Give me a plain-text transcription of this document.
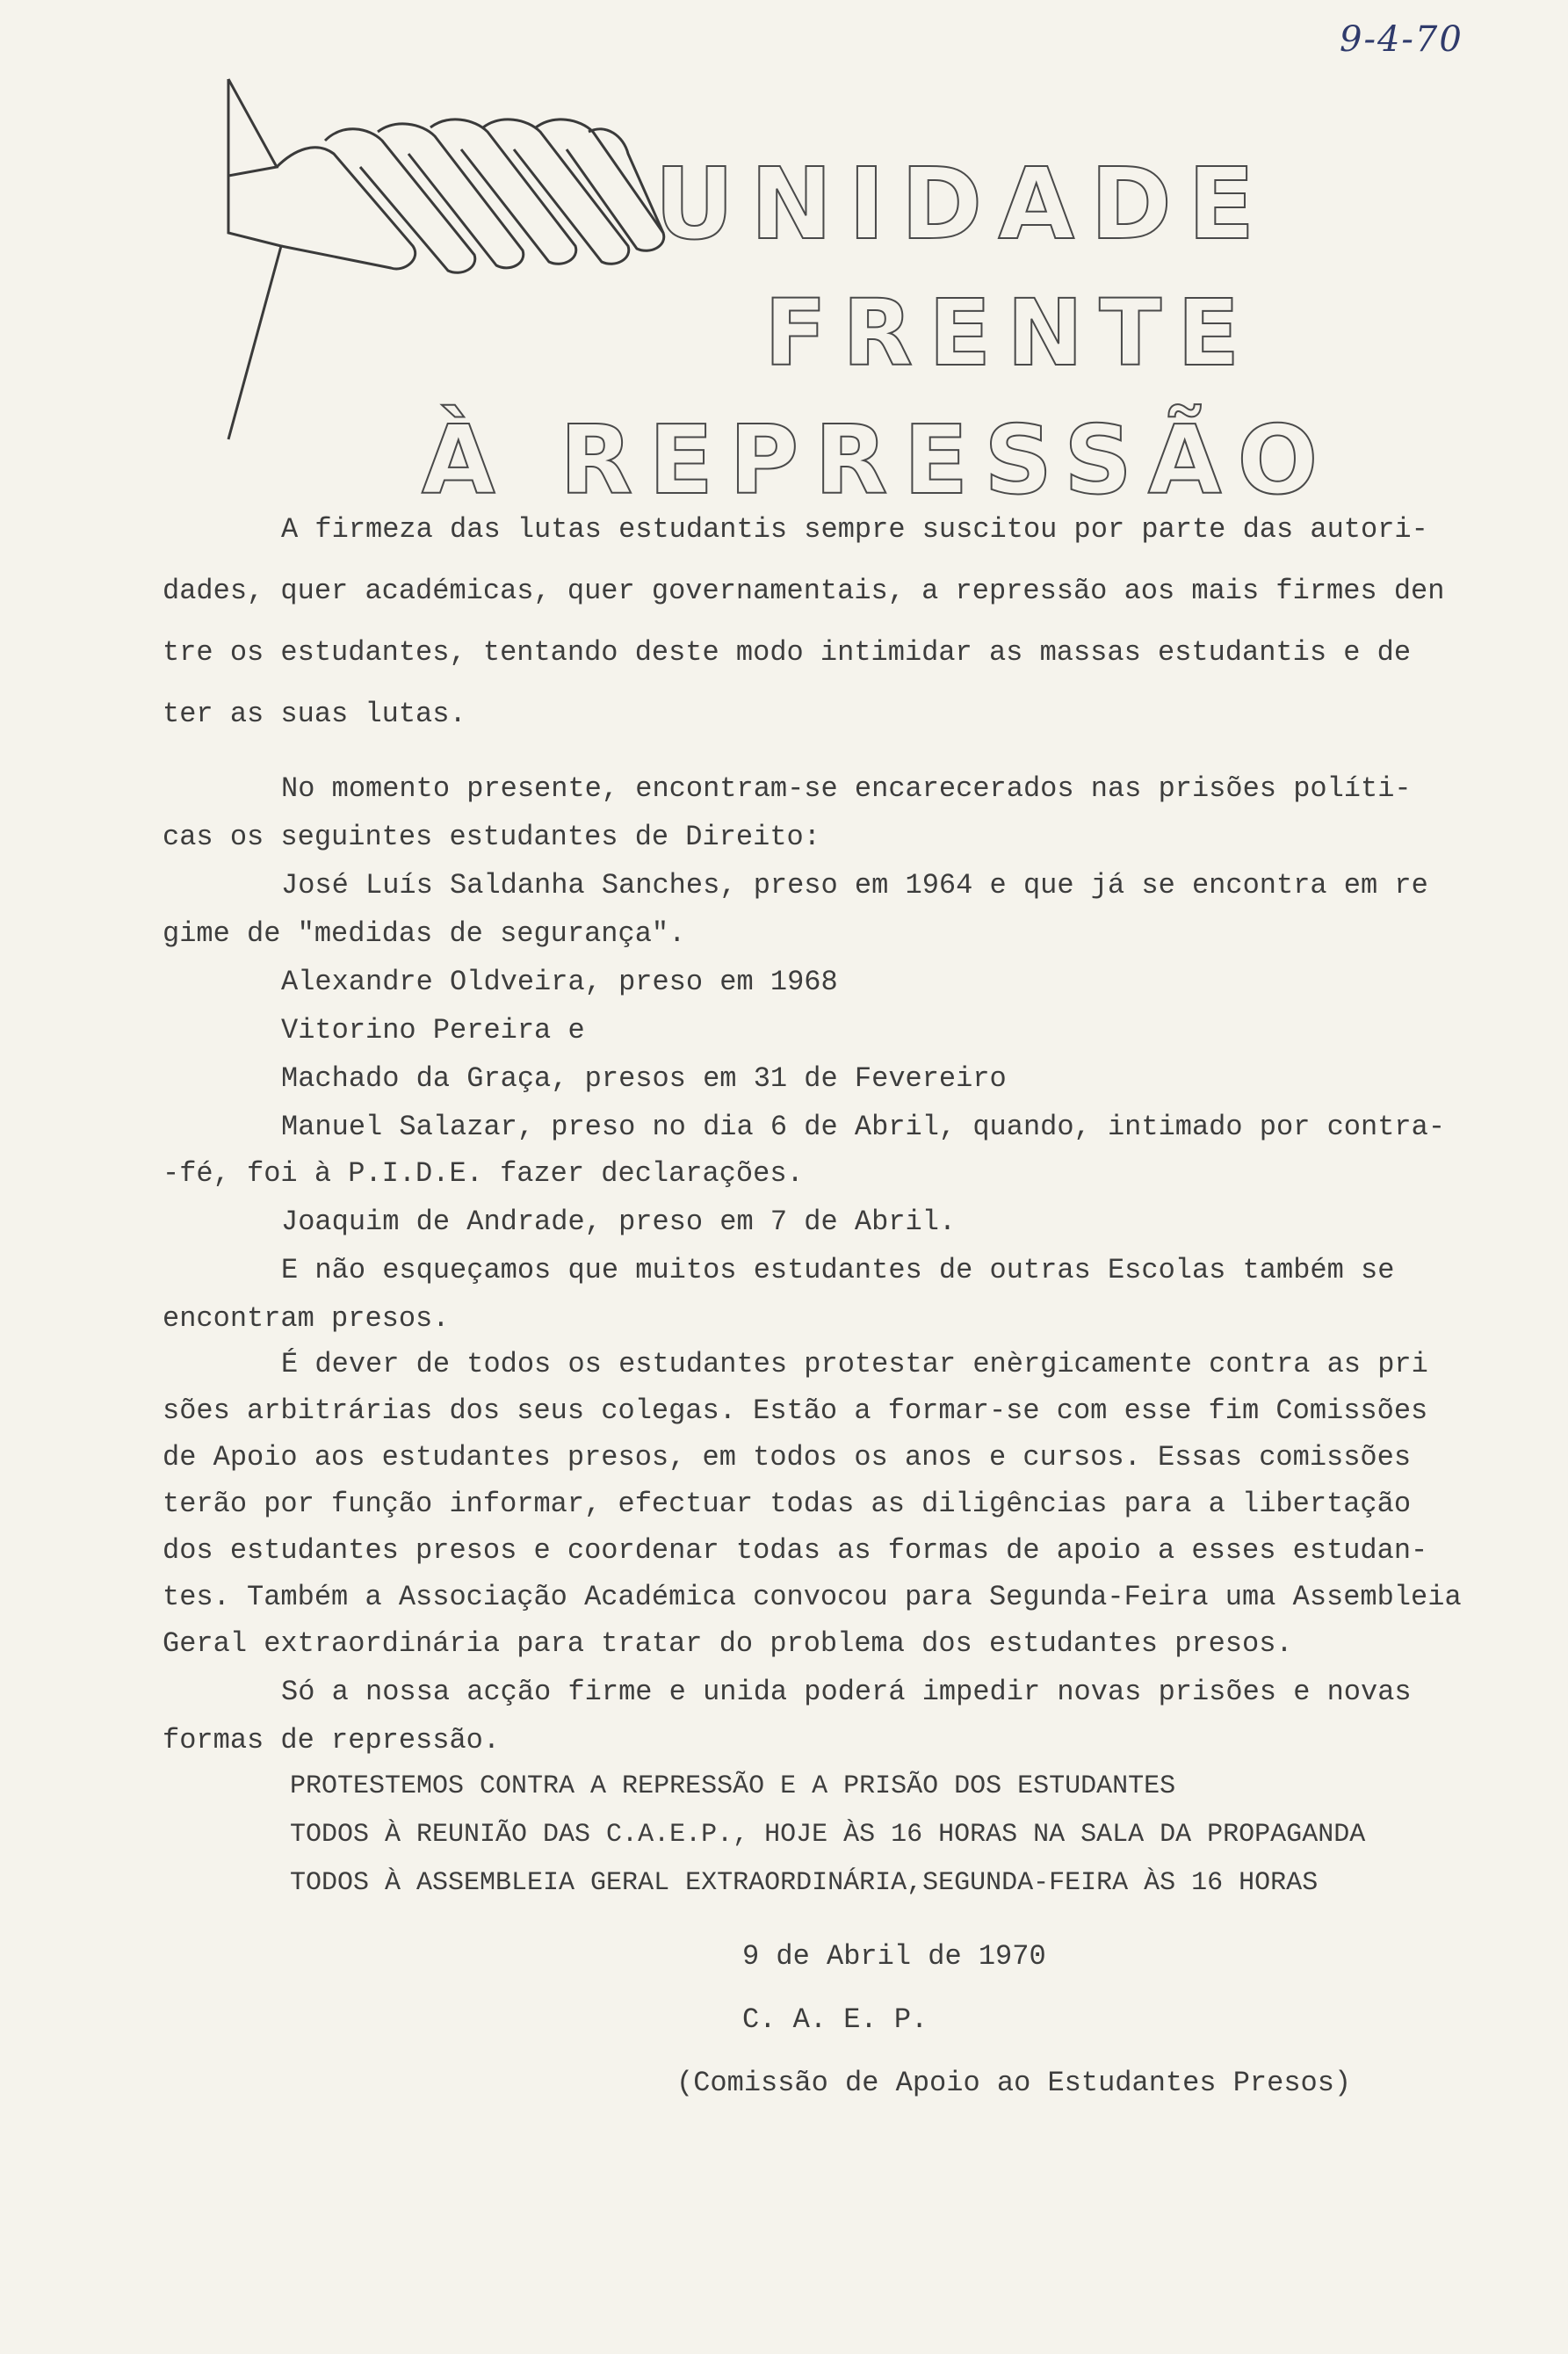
9-4-70
UNIDADE
FRENTE
À REPRESSÃO
A firmeza das lutas estudantis sempre suscitou por parte das autori-
dades, quer académicas, quer governamentais, a repressão aos mais firmes den
tre os estudantes, tentando deste modo intimidar as massas estudantis e de
ter as suas lutas.
No momento presente, encontram-se encarecerados nas prisões políti-
cas os seguintes estudantes de Direito:
José Luís Saldanha Sanches, preso em 1964 e que já se encontra em re
gime de "medidas de segurança".
Alexandre Oldveira, preso em 1968
Vitorino Pereira e
Machado da Graça, presos em 31 de Fevereiro
Manuel Salazar, preso no dia 6 de Abril, quando, intimado por contra-
-fé, foi à P.I.D.E. fazer declarações.
Joaquim de Andrade, preso em 7 de Abril.
E não esqueçamos que muitos estudantes de outras Escolas também se
encontram presos.
É dever de todos os estudantes protestar enèrgicamente contra as pri
sões arbitrárias dos seus colegas. Estão a formar-se com esse fim Comissões
de Apoio aos estudantes presos, em todos os anos e cursos. Essas comissões
terão por função informar, efectuar todas as diligências para a libertação
dos estudantes presos e coordenar todas as formas de apoio a esses estudan-
tes. Também a Associação Académica convocou para Segunda-Feira uma Assembleia
Geral extraordinária para tratar do problema dos estudantes presos.
Só a nossa acção firme e unida poderá impedir novas prisões e novas
formas de repressão.
PROTESTEMOS CONTRA A REPRESSÃO E A PRISÃO DOS ESTUDANTES
TODOS À REUNIÃO DAS C.A.E.P., HOJE ÀS 16 HORAS NA SALA DA PROPAGANDA
TODOS À ASSEMBLEIA GERAL EXTRAORDINÁRIA,SEGUNDA-FEIRA ÀS 16 HORAS
9 de Abril de 1970
C. A. E. P.
(Comissão de Apoio ao Estudantes Presos)
